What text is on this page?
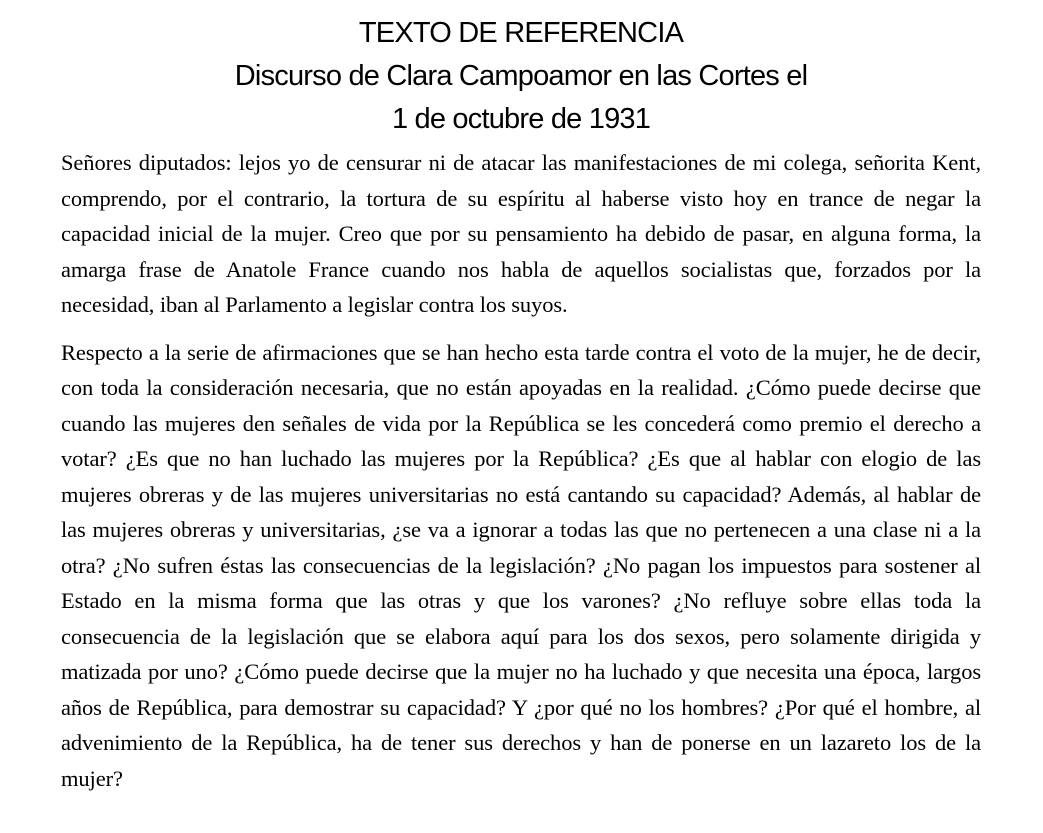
TEXTO DE REFERENCIA
Discurso de Clara Campoamor en las Cortes el
1 de octubre de 1931

Señores diputados: lejos yo de censurar ni de atacar las manifestaciones de mi colega, señorita Kent, comprendo, por el contrario, la tortura de su espíritu al haberse visto hoy en trance de negar la capacidad inicial de la mujer. Creo que por su pensamiento ha debido de pasar, en alguna forma, la amarga frase de Anatole France cuando nos habla de aquellos socialistas que, forzados por la necesidad, iban al Parlamento a legislar contra los suyos.

Respecto a la serie de afirmaciones que se han hecho esta tarde contra el voto de la mujer, he de decir, con toda la consideración necesaria, que no están apoyadas en la realidad. ¿Cómo puede decirse que cuando las mujeres den señales de vida por la República se les concederá como premio el derecho a votar? ¿Es que no han luchado las mujeres por la República? ¿Es que al hablar con elogio de las mujeres obreras y de las mujeres universitarias no está cantando su capacidad? Además, al hablar de las mujeres obreras y universitarias, ¿se va a ignorar a todas las que no pertenecen a una clase ni a la otra? ¿No sufren éstas las consecuencias de la legislación? ¿No pagan los impuestos para sostener al Estado en la misma forma que las otras y que los varones? ¿No refluye sobre ellas toda la consecuencia de la legislación que se elabora aquí para los dos sexos, pero solamente dirigida y matizada por uno? ¿Cómo puede decirse que la mujer no ha luchado y que necesita una época, largos años de República, para demostrar su capacidad? Y ¿por qué no los hombres? ¿Por qué el hombre, al advenimiento de la República, ha de tener sus derechos y han de ponerse en un lazareto los de la mujer?
